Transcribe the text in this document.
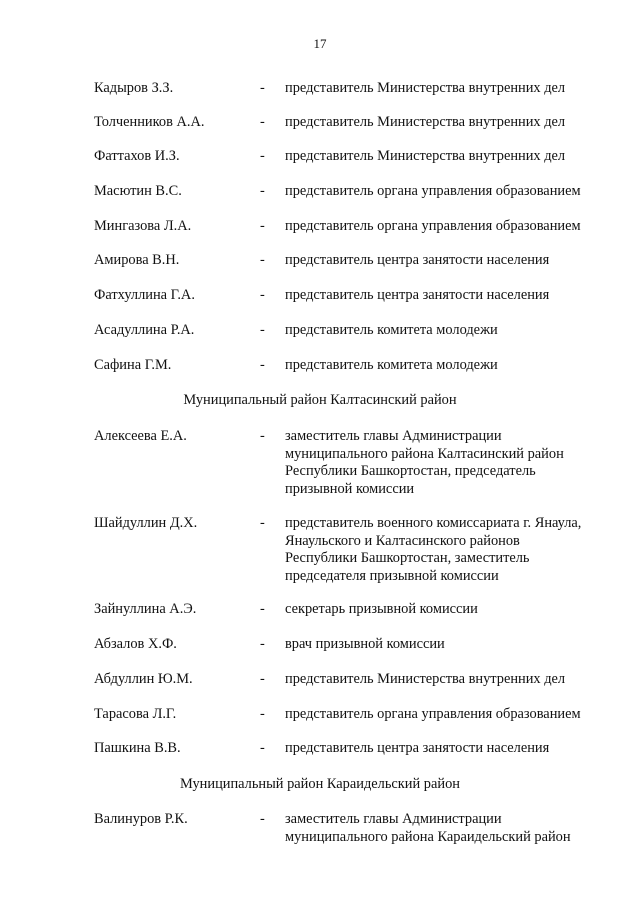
17
Кадыров З.З.	- представитель Министерства внутренних дел
Толченников А.А.	- представитель Министерства внутренних дел
Фаттахов И.З.	- представитель Министерства внутренних дел
Масютин В.С.	- представитель органа управления образованием
Мингазова Л.А.	- представитель органа управления образованием
Амирова В.Н.	- представитель центра занятости населения
Фатхуллина Г.А.	- представитель центра занятости населения
Асадуллина Р.А.	- представитель комитета молодежи
Сафина Г.М.	- представитель комитета молодежи
Муниципальный район Калтасинский район
Алексеева Е.А.	- заместитель главы Администрации
муниципального района Калтасинский район
Республики Башкортостан, председатель
призывной комиссии
Шайдуллин Д.Х.	- представитель военного комиссариата г. Янаула,
Янаульского и Калтасинского районов
Республики Башкортостан, заместитель
председателя призывной комиссии
Зайнуллина А.Э.	- секретарь призывной комиссии
Абзалов Х.Ф.	- врач призывной комиссии
Абдуллин Ю.М.	- представитель Министерства внутренних дел
Тарасова Л.Г.	- представитель органа управления образованием
Пашкина В.В.	- представитель центра занятости населения
Муниципальный район Караидельский район
Валинуров Р.К.	- заместитель главы Администрации
муниципального района Караидельский район
